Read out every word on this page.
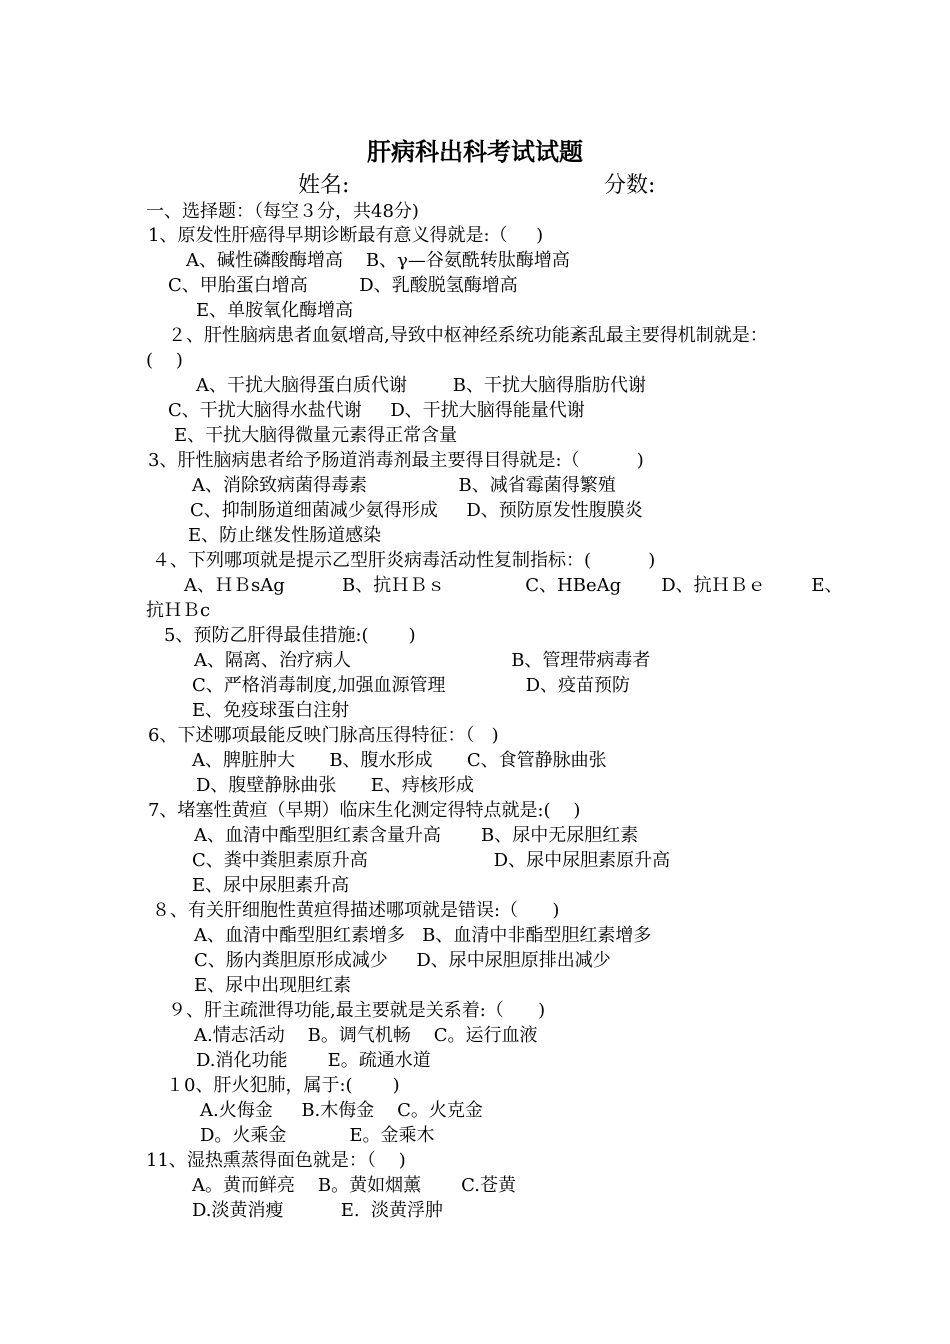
肝病科出科考试试题
姓名:	分数:
一、选择题：（每空３分，共48分)
1、原发性肝癌得早期诊断最有意义得就是:（     )
A、碱性磷酸酶增高    B、γ—谷氨酰转肽酶增高
C、甲胎蛋白增高         D、乳酸脱氢酶增高
E、单胺氧化酶增高
２、肝性脑病患者血氨增高,导致中枢神经系统功能紊乱最主要得机制就是：
(    )
A、干扰大脑得蛋白质代谢        B、干扰大脑得脂肪代谢
C、干扰大脑得水盐代谢     D、干扰大脑得能量代谢
E、干扰大脑得微量元素得正常含量
3、肝性脑病患者给予肠道消毒剂最主要得目得就是:（          )
A、消除致病菌得毒素                B、减省霉菌得繁殖
C、抑制肠道细菌减少氨得形成     D、预防原发性腹膜炎
E、防止继发性肠道感染
４、下列哪项就是提示乙型肝炎病毒活动性复制指标：(          )
A、ＨＢsAg          B、抗ＨＢｓ              C、HBeAg       D、抗ＨＢｅ        E、
抗ＨＢc
5、预防乙肝得最佳措施:(       )
A、隔离、治疗病人                            B、管理带病毒者
C、严格消毒制度,加强血源管理              D、疫苗预防
E、免疫球蛋白注射
6、下述哪项最能反映门脉高压得特征：（   )
A、脾脏肿大      B、腹水形成      C、食管静脉曲张
D、腹壁静脉曲张      E、痔核形成
7、堵塞性黄疸（早期）临床生化测定得特点就是:(    )
A、血清中酯型胆红素含量升高       B、尿中无尿胆红素
C、粪中粪胆素原升高                      D、尿中尿胆素原升高
E、尿中尿胆素升高
８、有关肝细胞性黄疸得描述哪项就是错误:（      )
A、血清中酯型胆红素增多   B、血清中非酯型胆红素增多
C、肠内粪胆原形成减少     D、尿中尿胆原排出减少
E、尿中出现胆红素
９、肝主疏泄得功能,最主要就是关系着:（      )
A.情志活动    B。调气机畅    C。运行血液
D.消化功能       E。疏通水道
１0、肝火犯肺，属于:(       )
A.火侮金     B.木侮金    C。火克金
D。火乘金           E。金乘木
11、湿热熏蒸得面色就是：（    )
A。黄而鲜亮    B。黄如烟薰       C.苍黄
D.淡黄消瘦          E.  淡黄浮肿
